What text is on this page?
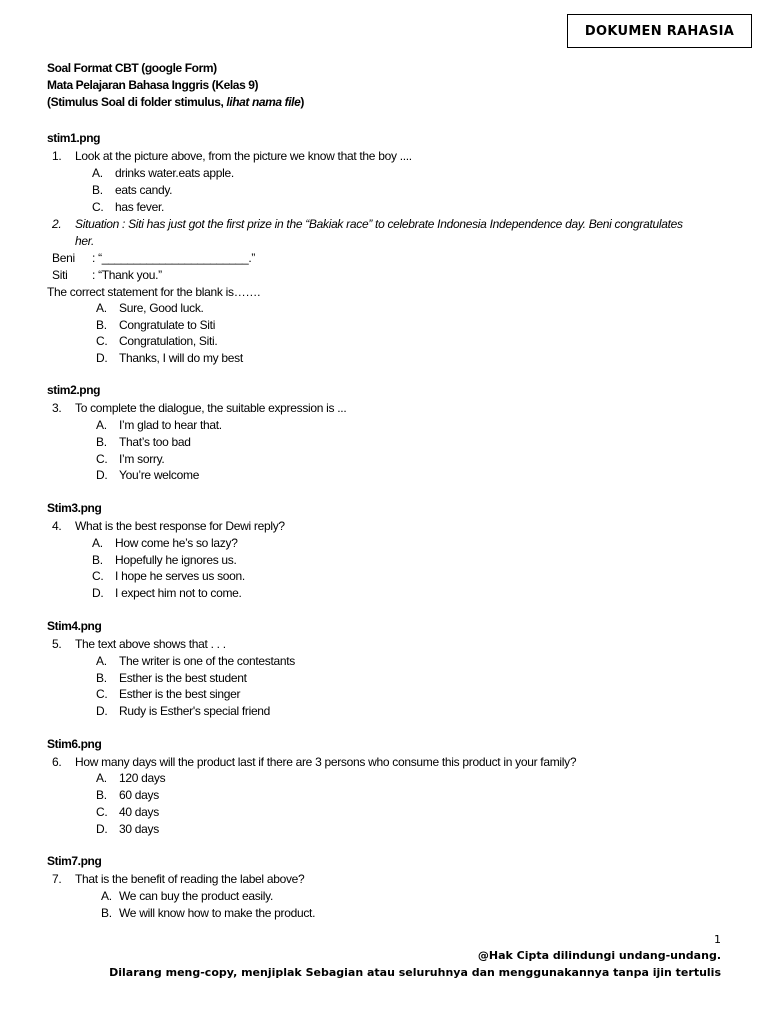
DOKUMEN RAHASIA
Soal Format CBT (google Form)
Mata Pelajaran Bahasa Inggris (Kelas 9)
(Stimulus Soal di folder stimulus, lihat nama file)
stim1.png
1. Look at the picture above, from the picture we know that the boy ....
A. drinks water.eats apple.
B. eats candy.
C. has fever.
2. Situation : Siti has just got the first prize in the “Bakiak race” to celebrate Indonesia Independence day. Beni congratulates
her.
Beni : “_______________________.”
Siti : “Thank you.”
The correct statement for the blank is…….
A. Sure, Good luck.
B. Congratulate to Siti
C. Congratulation, Siti.
D. Thanks, I will do my best
stim2.png
3. To complete the dialogue, the suitable expression is ...
A. I’m glad to hear that.
B. That’s too bad
C. I’m sorry.
D. You’re welcome
Stim3.png
4. What is the best response for Dewi reply?
A. How come he’s so lazy?
B. Hopefully he ignores us.
C. I hope he serves us soon.
D. I expect him not to come.
Stim4.png
5. The text above shows that . . .
A. The writer is one of the contestants
B. Esther is the best student
C. Esther is the best singer
D. Rudy is Esther's special friend
Stim6.png
6. How many days will the product last if there are 3 persons who consume this product in your family?
A. 120 days
B. 60 days
C. 40 days
D. 30 days
Stim7.png
7. That is the benefit of reading the label above?
A. We can buy the product easily.
B. We will know how to make the product.
1
@Hak Cipta dilindungi undang-undang.
Dilarang meng-copy, menjiplak Sebagian atau seluruhnya dan menggunakannya tanpa ijin tertulis
